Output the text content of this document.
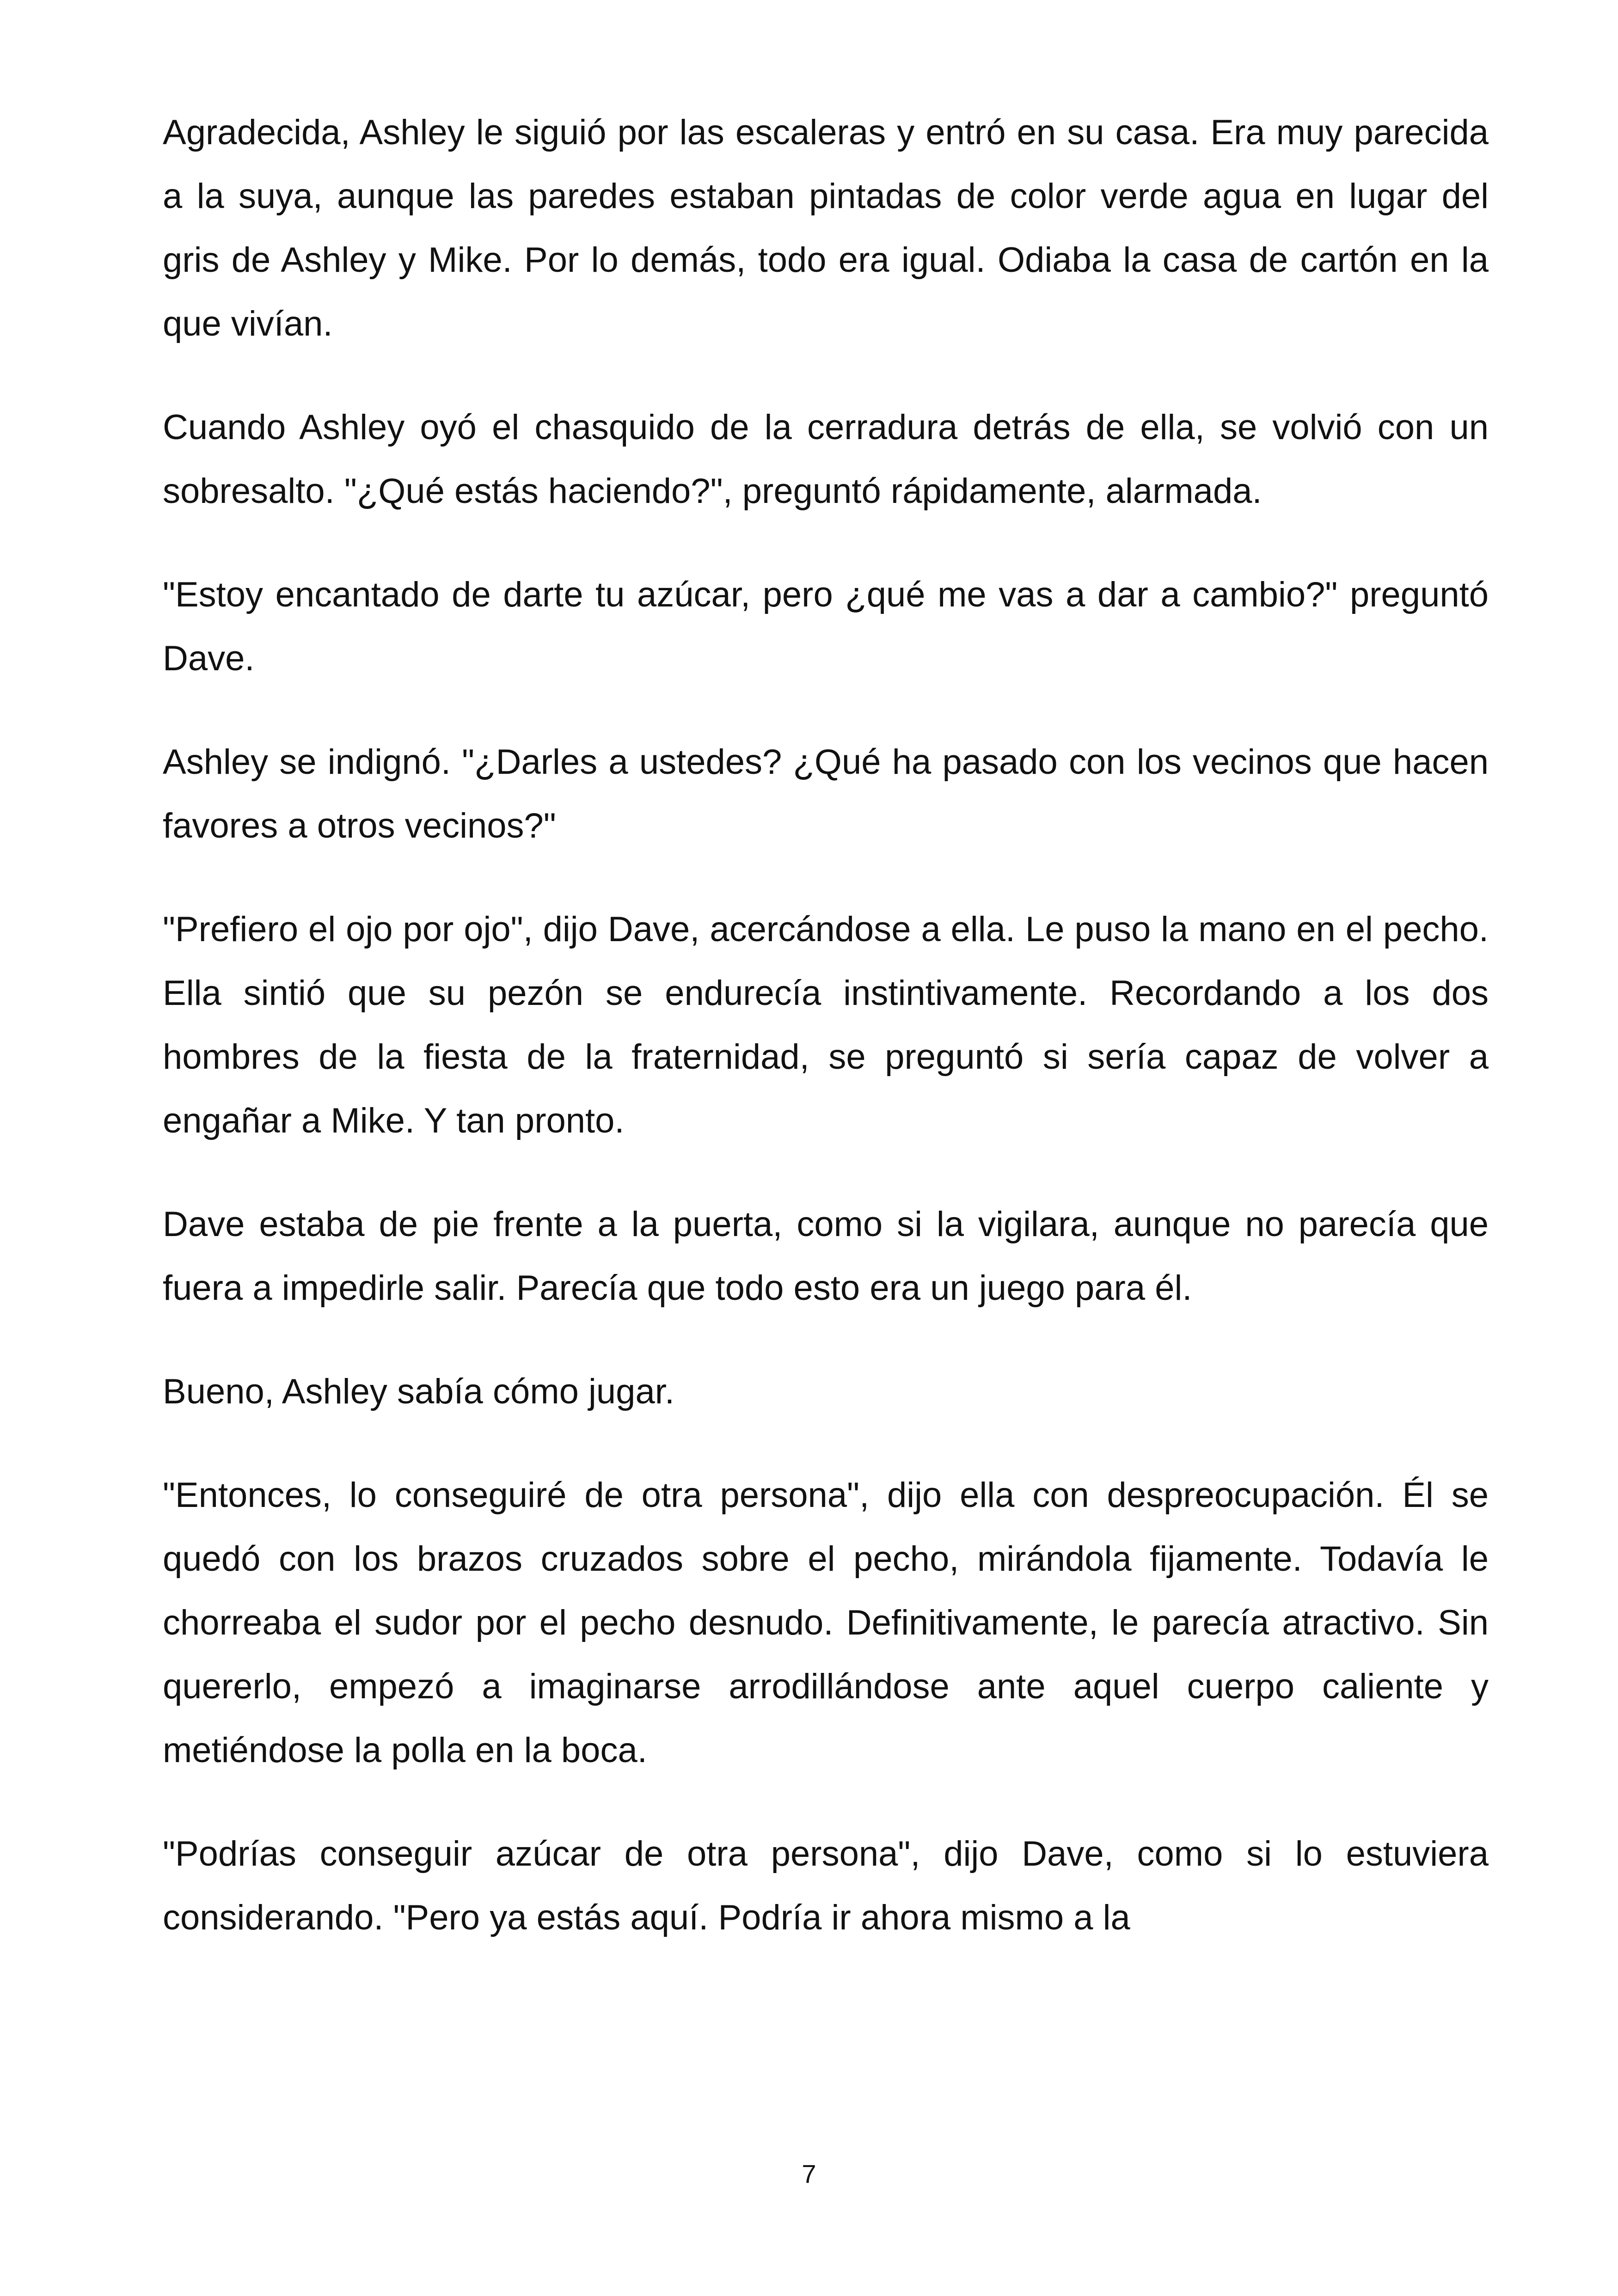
Agradecida, Ashley le siguió por las escaleras y entró en su casa. Era muy parecida a la suya, aunque las paredes estaban pintadas de color verde agua en lugar del gris de Ashley y Mike. Por lo demás, todo era igual. Odiaba la casa de cartón en la que vivían.

Cuando Ashley oyó el chasquido de la cerradura detrás de ella, se volvió con un sobresalto. "¿Qué estás haciendo?", preguntó rápidamente, alarmada.

"Estoy encantado de darte tu azúcar, pero ¿qué me vas a dar a cambio?" preguntó Dave.

Ashley se indignó. "¿Darles a ustedes? ¿Qué ha pasado con los vecinos que hacen favores a otros vecinos?"

"Prefiero el ojo por ojo", dijo Dave, acercándose a ella. Le puso la mano en el pecho. Ella sintió que su pezón se endurecía instintivamente. Recordando a los dos hombres de la fiesta de la fraternidad, se preguntó si sería capaz de volver a engañar a Mike. Y tan pronto.

Dave estaba de pie frente a la puerta, como si la vigilara, aunque no parecía que fuera a impedirle salir. Parecía que todo esto era un juego para él.

Bueno, Ashley sabía cómo jugar.

"Entonces, lo conseguiré de otra persona", dijo ella con despreocupación. Él se quedó con los brazos cruzados sobre el pecho, mirándola fijamente. Todavía le chorreaba el sudor por el pecho desnudo. Definitivamente, le parecía atractivo. Sin quererlo, empezó a imaginarse arrodillándose ante aquel cuerpo caliente y metiéndose la polla en la boca.

"Podrías conseguir azúcar de otra persona", dijo Dave, como si lo estuviera considerando. "Pero ya estás aquí. Podría ir ahora mismo a la

7
